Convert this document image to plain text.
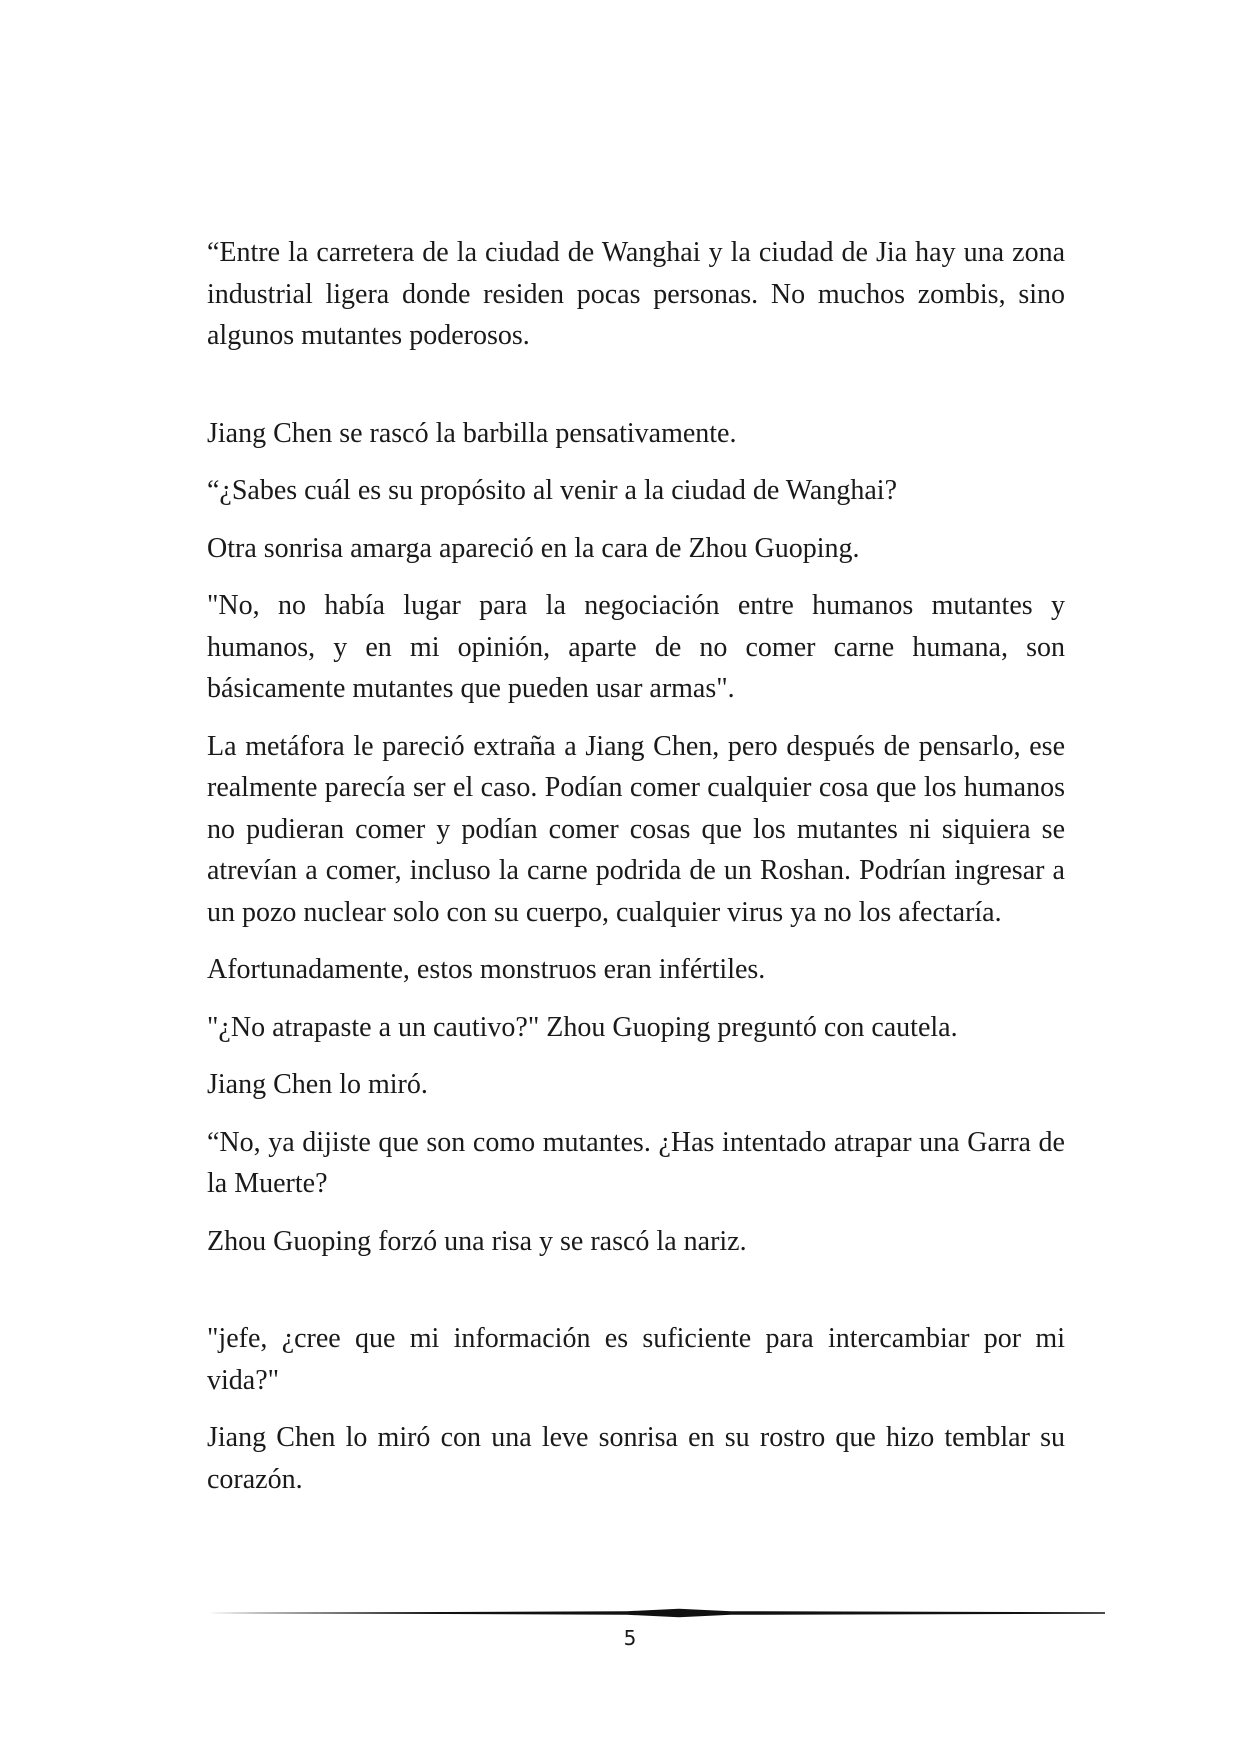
“Entre la carretera de la ciudad de Wanghai y la ciudad de Jia hay una zona industrial ligera donde residen pocas personas. No muchos zombis, sino algunos mutantes poderosos.

Jiang Chen se rascó la barbilla pensativamente.

“¿Sabes cuál es su propósito al venir a la ciudad de Wanghai?

Otra sonrisa amarga apareció en la cara de Zhou Guoping.

"No, no había lugar para la negociación entre humanos mutantes y humanos, y en mi opinión, aparte de no comer carne humana, son básicamente mutantes que pueden usar armas".

La metáfora le pareció extraña a Jiang Chen, pero después de pensarlo, ese realmente parecía ser el caso. Podían comer cualquier cosa que los humanos no pudieran comer y podían comer cosas que los mutantes ni siquiera se atrevían a comer, incluso la carne podrida de un Roshan. Podrían ingresar a un pozo nuclear solo con su cuerpo, cualquier virus ya no los afectaría.

Afortunadamente, estos monstruos eran infértiles.

"¿No atrapaste a un cautivo?" Zhou Guoping preguntó con cautela.

Jiang Chen lo miró.

“No, ya dijiste que son como mutantes. ¿Has intentado atrapar una Garra de la Muerte?

Zhou Guoping forzó una risa y se rascó la nariz.

"jefe, ¿cree que mi información es suficiente para intercambiar por mi vida?"

Jiang Chen lo miró con una leve sonrisa en su rostro que hizo temblar su corazón.

5
